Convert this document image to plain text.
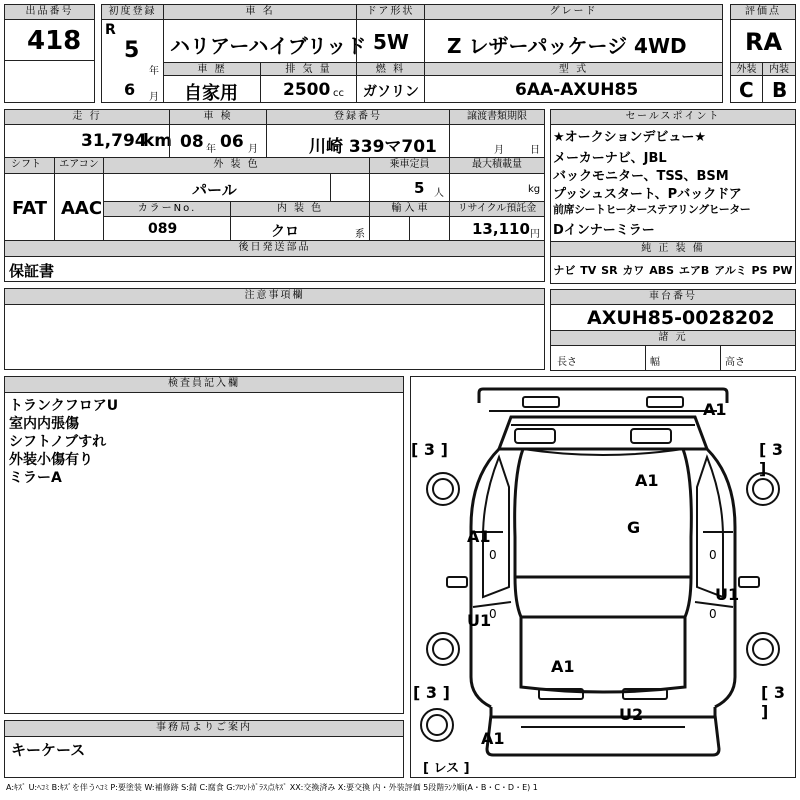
出品番号
418
初度登録
R
5
年
6 月
車 名
ハリアーハイブリッド
ドア形状
5W
グレード
Z レザーパッケージ 4WD
評価点
RA
車 歴
自家用
排 気 量
2500 cc
燃 料
ガソリン
型 式
6AA-AXUH85
外装	内装
C B
走 行
31,794
km
車 検
08 年 06 月
登録番号
川崎 339マ701
譲渡書類期限
月	日
シフト
FAT
エアコン
AAC
外 装 色
パール
乗車定員
5 人
最大積載量
kg
カラーNo.
089
内 装 色
クロ	系
輸 入 車	リサイクル預託金
13,110 円
後日発送部品
保証書
セールスポイント
★オークションデビュー★
メーカーナビ、JBL
バックモニター、TSS、BSM
プッシュスタート、Pバックドア
前席シートヒーターステアリングヒーター
Dインナーミラー
純 正 装 備
ナビ TV SR カワ ABS エアB アルミ PS PW
注意事項欄	車台番号
AXUH85-0028202
諸 元
長さ	幅	高さ
検査員記入欄
トランクフロアU
室内内張傷
シフトノブすれ
外装小傷有り
ミラーA
事務局よりご案内
キーケース
A1
A1
G
A1
U1
U1
A1
U2
A1
[ 3 ]	[ 3 ]
[ 3 ]	[ 3 ]
0	0
0	0
[ レス ]
A:ｷｽﾞ U:ﾍｺﾐ B:ｷｽﾞを伴うﾍｺﾐ P:要塗装 W:補修跡 S:錆 C:腐食 G:ﾌﾛﾝﾄｶﾞﾗｽ点ｷｽﾞ XX:交換済み X:要交換 内・外装評価 5段階ﾗﾝｸ順(A・B・C・D・E) 1
